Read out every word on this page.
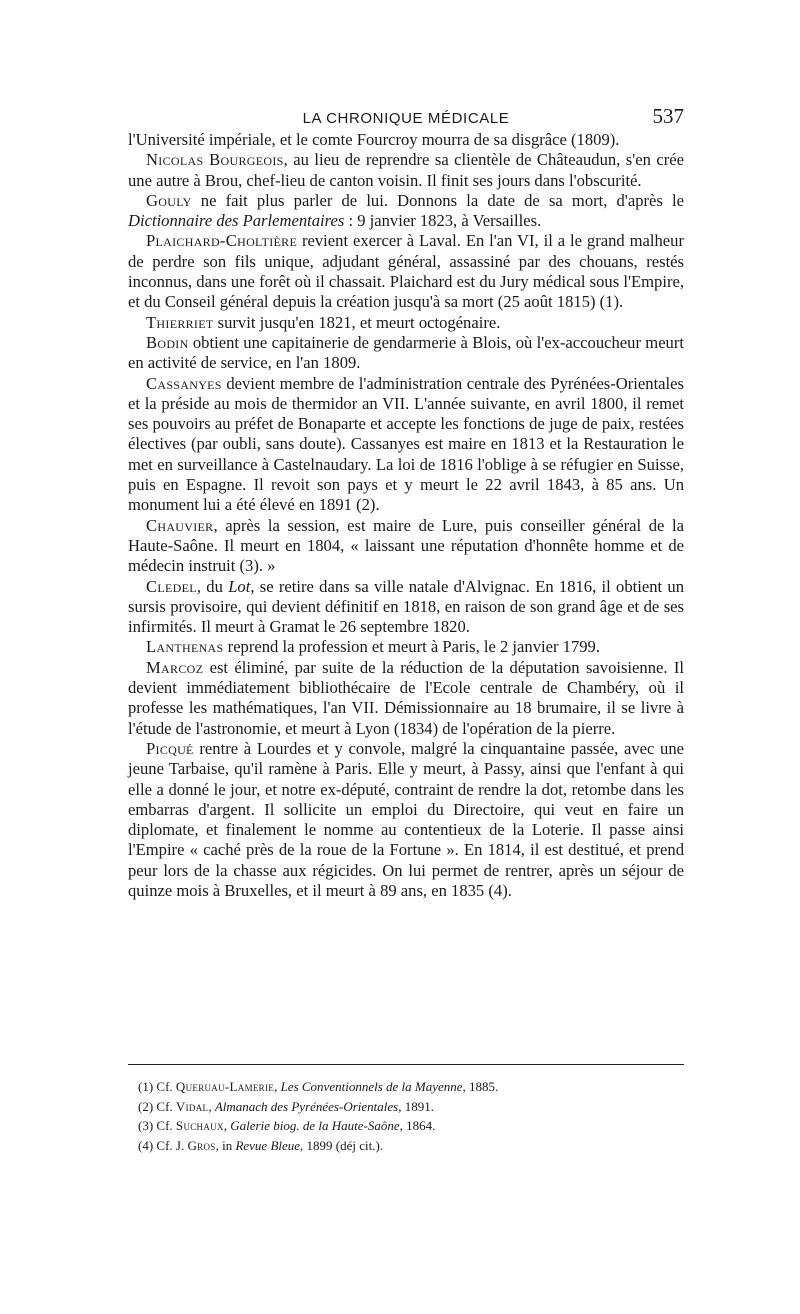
LA CHRONIQUE MÉDICALE	537

l'Université impériale, et le comte Fourcroy mourra de sa disgrâce (1809).

Nicolas Bourgeois, au lieu de reprendre sa clientèle de Châteaudun, s'en crée une autre à Brou, chef-lieu de canton voisin. Il finit ses jours dans l'obscurité.

Gouly ne fait plus parler de lui. Donnons la date de sa mort, d'après le Dictionnaire des Parlementaires : 9 janvier 1823, à Versailles.

Plaichard-Choltière revient exercer à Laval. En l'an VI, il a le grand malheur de perdre son fils unique, adjudant général, assassiné par des chouans, restés inconnus, dans une forêt où il chassait. Plaichard est du Jury médical sous l'Empire, et du Conseil général depuis la création jusqu'à sa mort (25 août 1815) (1).

Thierriet survit jusqu'en 1821, et meurt octogénaire.

Bodin obtient une capitainerie de gendarmerie à Blois, où l'ex-accoucheur meurt en activité de service, en l'an 1809.

Cassanyes devient membre de l'administration centrale des Pyrénées-Orientales et la préside au mois de thermidor an VII. L'année suivante, en avril 1800, il remet ses pouvoirs au préfet de Bonaparte et accepte les fonctions de juge de paix, restées électives (par oubli, sans doute). Cassanyes est maire en 1813 et la Restauration le met en surveillance à Castelnaudary. La loi de 1816 l'oblige à se réfugier en Suisse, puis en Espagne. Il revoit son pays et y meurt le 22 avril 1843, à 85 ans. Un monument lui a été élevé en 1891 (2).

Chauvier, après la session, est maire de Lure, puis conseiller général de la Haute-Saône. Il meurt en 1804, « laissant une réputation d'honnête homme et de médecin instruit (3). »

Cledel, du Lot, se retire dans sa ville natale d'Alvignac. En 1816, il obtient un sursis provisoire, qui devient définitif en 1818, en raison de son grand âge et de ses infirmités. Il meurt à Gramat le 26 septembre 1820.

Lanthenas reprend la profession et meurt à Paris, le 2 janvier 1799.

Marcoz est éliminé, par suite de la réduction de la députation savoisienne. Il devient immédiatement bibliothécaire de l'Ecole centrale de Chambéry, où il professe les mathématiques, l'an VII. Démissionnaire au 18 brumaire, il se livre à l'étude de l'astronomie, et meurt à Lyon (1834) de l'opération de la pierre.

Picqué rentre à Lourdes et y convole, malgré la cinquantaine passée, avec une jeune Tarbaise, qu'il ramène à Paris. Elle y meurt, à Passy, ainsi que l'enfant à qui elle a donné le jour, et notre ex-député, contraint de rendre la dot, retombe dans les embarras d'argent. Il sollicite un emploi du Directoire, qui veut en faire un diplomate, et finalement le nomme au contentieux de la Loterie. Il passe ainsi l'Empire « caché près de la roue de la Fortune ». En 1814, il est destitué, et prend peur lors de la chasse aux régicides. On lui permet de rentrer, après un séjour de quinze mois à Bruxelles, et il meurt à 89 ans, en 1835 (4).

(1) Cf. Queruau-Lamerie, Les Conventionnels de la Mayenne, 1885.
(2) Cf. Vidal, Almanach des Pyrénées-Orientales, 1891.
(3) Cf. Suchaux, Galerie biog. de la Haute-Saône, 1864.
(4) Cf. J. Gros, in Revue Bleue, 1899 (déj cit.).
